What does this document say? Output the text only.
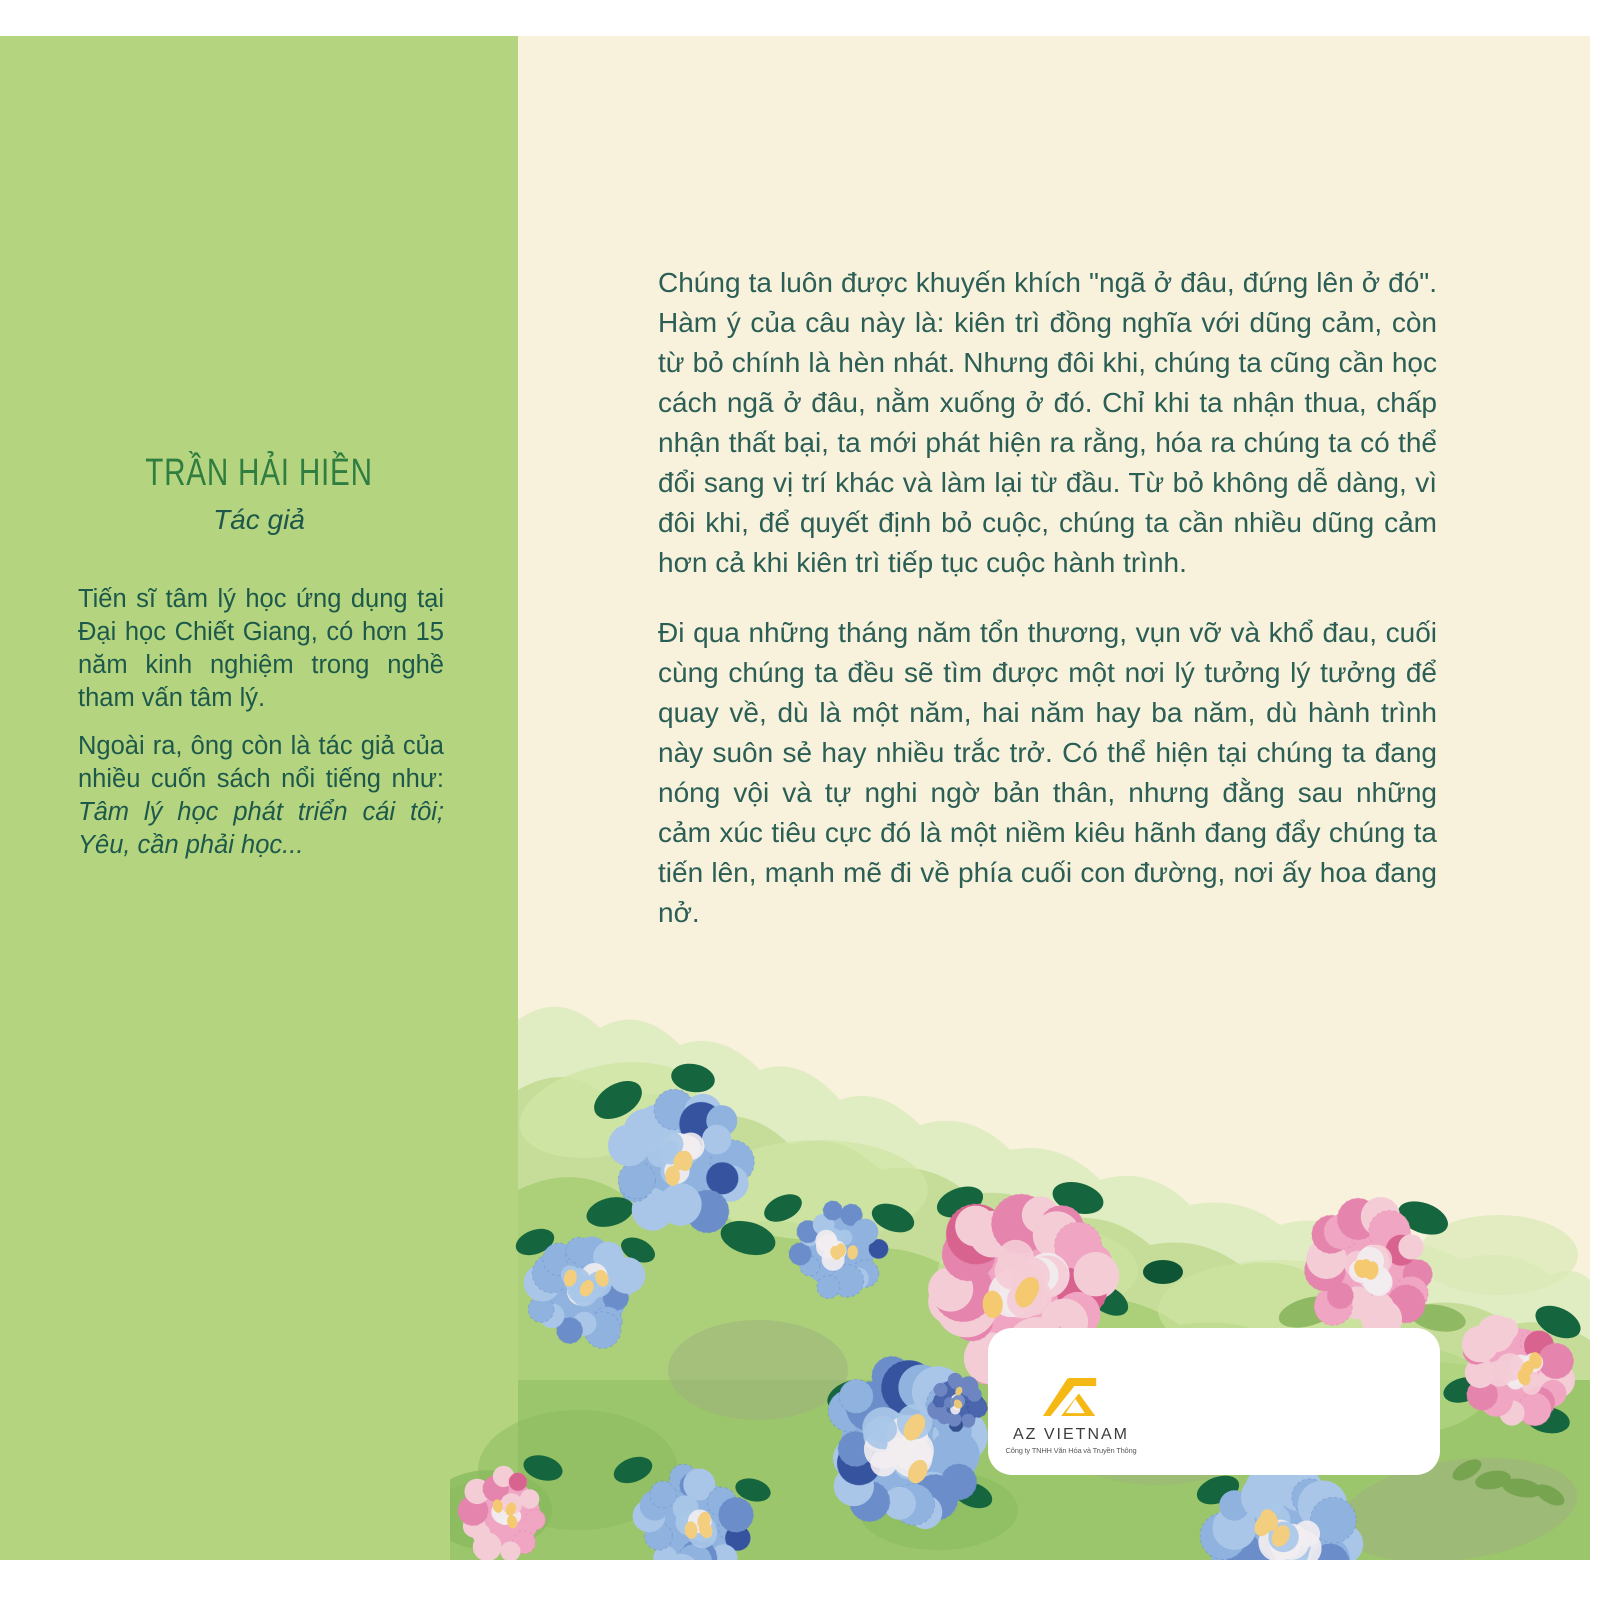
TRẦN HẢI HIỀN
Tác giả

Tiến sĩ tâm lý học ứng dụng tại Đại học Chiết Giang, có hơn 15 năm kinh nghiệm trong nghề tham vấn tâm lý.

Ngoài ra, ông còn là tác giả của nhiều cuốn sách nổi tiếng như: Tâm lý học phát triển cái tôi; Yêu, cần phải học...

Chúng ta luôn được khuyến khích "ngã ở đâu, đứng lên ở đó". Hàm ý của câu này là: kiên trì đồng nghĩa với dũng cảm, còn từ bỏ chính là hèn nhát. Nhưng đôi khi, chúng ta cũng cần học cách ngã ở đâu, nằm xuống ở đó. Chỉ khi ta nhận thua, chấp nhận thất bại, ta mới phát hiện ra rằng, hóa ra chúng ta có thể đổi sang vị trí khác và làm lại từ đầu. Từ bỏ không dễ dàng, vì đôi khi, để quyết định bỏ cuộc, chúng ta cần nhiều dũng cảm hơn cả khi kiên trì tiếp tục cuộc hành trình.

Đi qua những tháng năm tổn thương, vụn vỡ và khổ đau, cuối cùng chúng ta đều sẽ tìm được một nơi lý tưởng lý tưởng để quay về, dù là một năm, hai năm hay ba năm, dù hành trình này suôn sẻ hay nhiều trắc trở. Có thể hiện tại chúng ta đang nóng vội và tự nghi ngờ bản thân, nhưng đằng sau những cảm xúc tiêu cực đó là một niềm kiêu hãnh đang đẩy chúng ta tiến lên, mạnh mẽ đi về phía cuối con đường, nơi ấy hoa đang nở.

AZ VIETNAM
Công ty TNHH Văn Hóa và Truyền Thông
